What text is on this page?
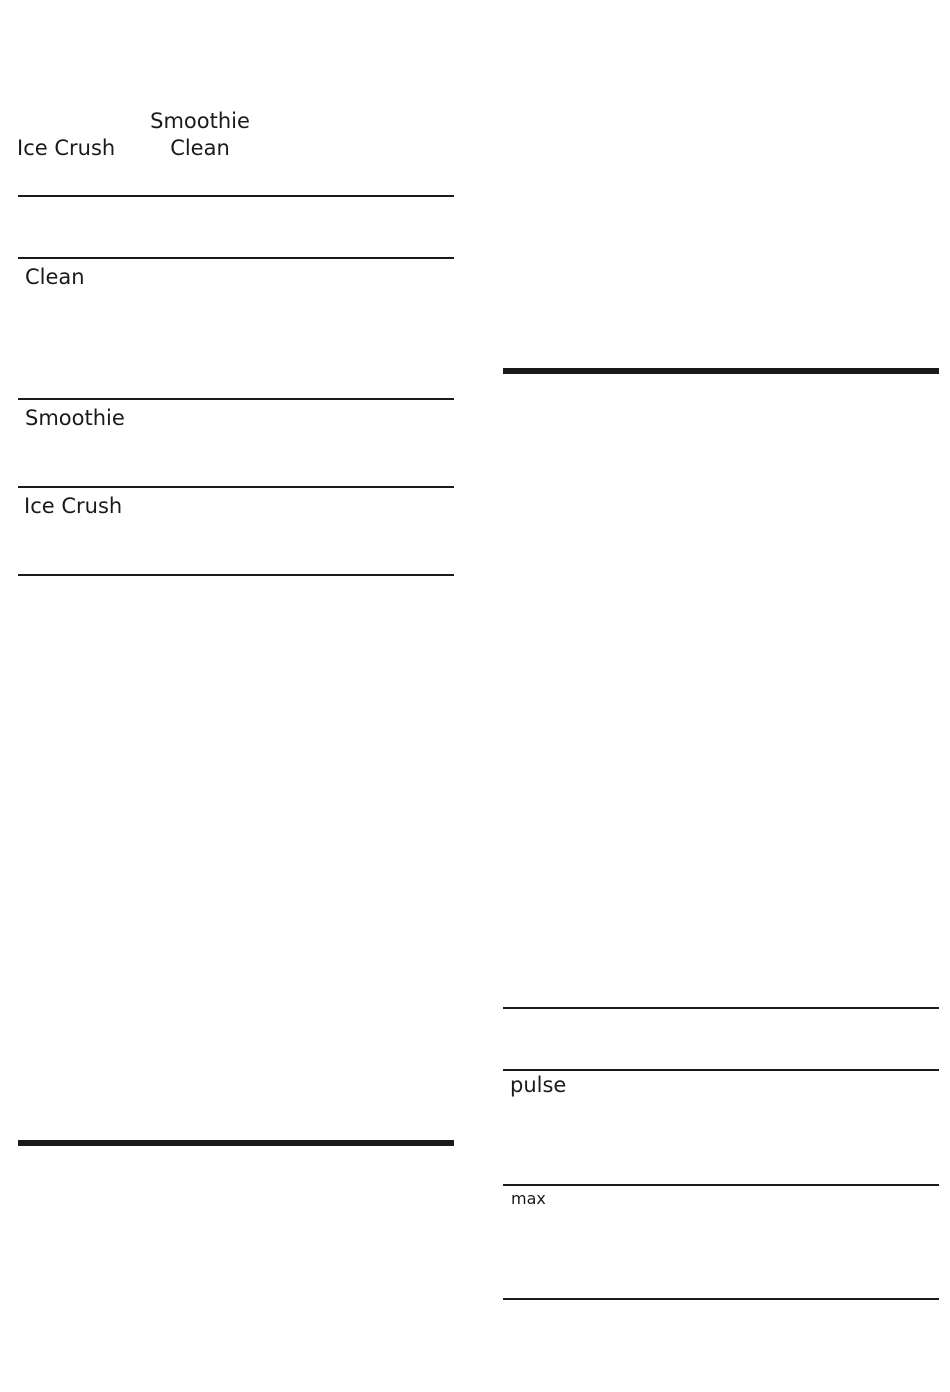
Ice Crush
Smoothie
Clean
Clean
Smoothie
Ice Crush
pulse
max
